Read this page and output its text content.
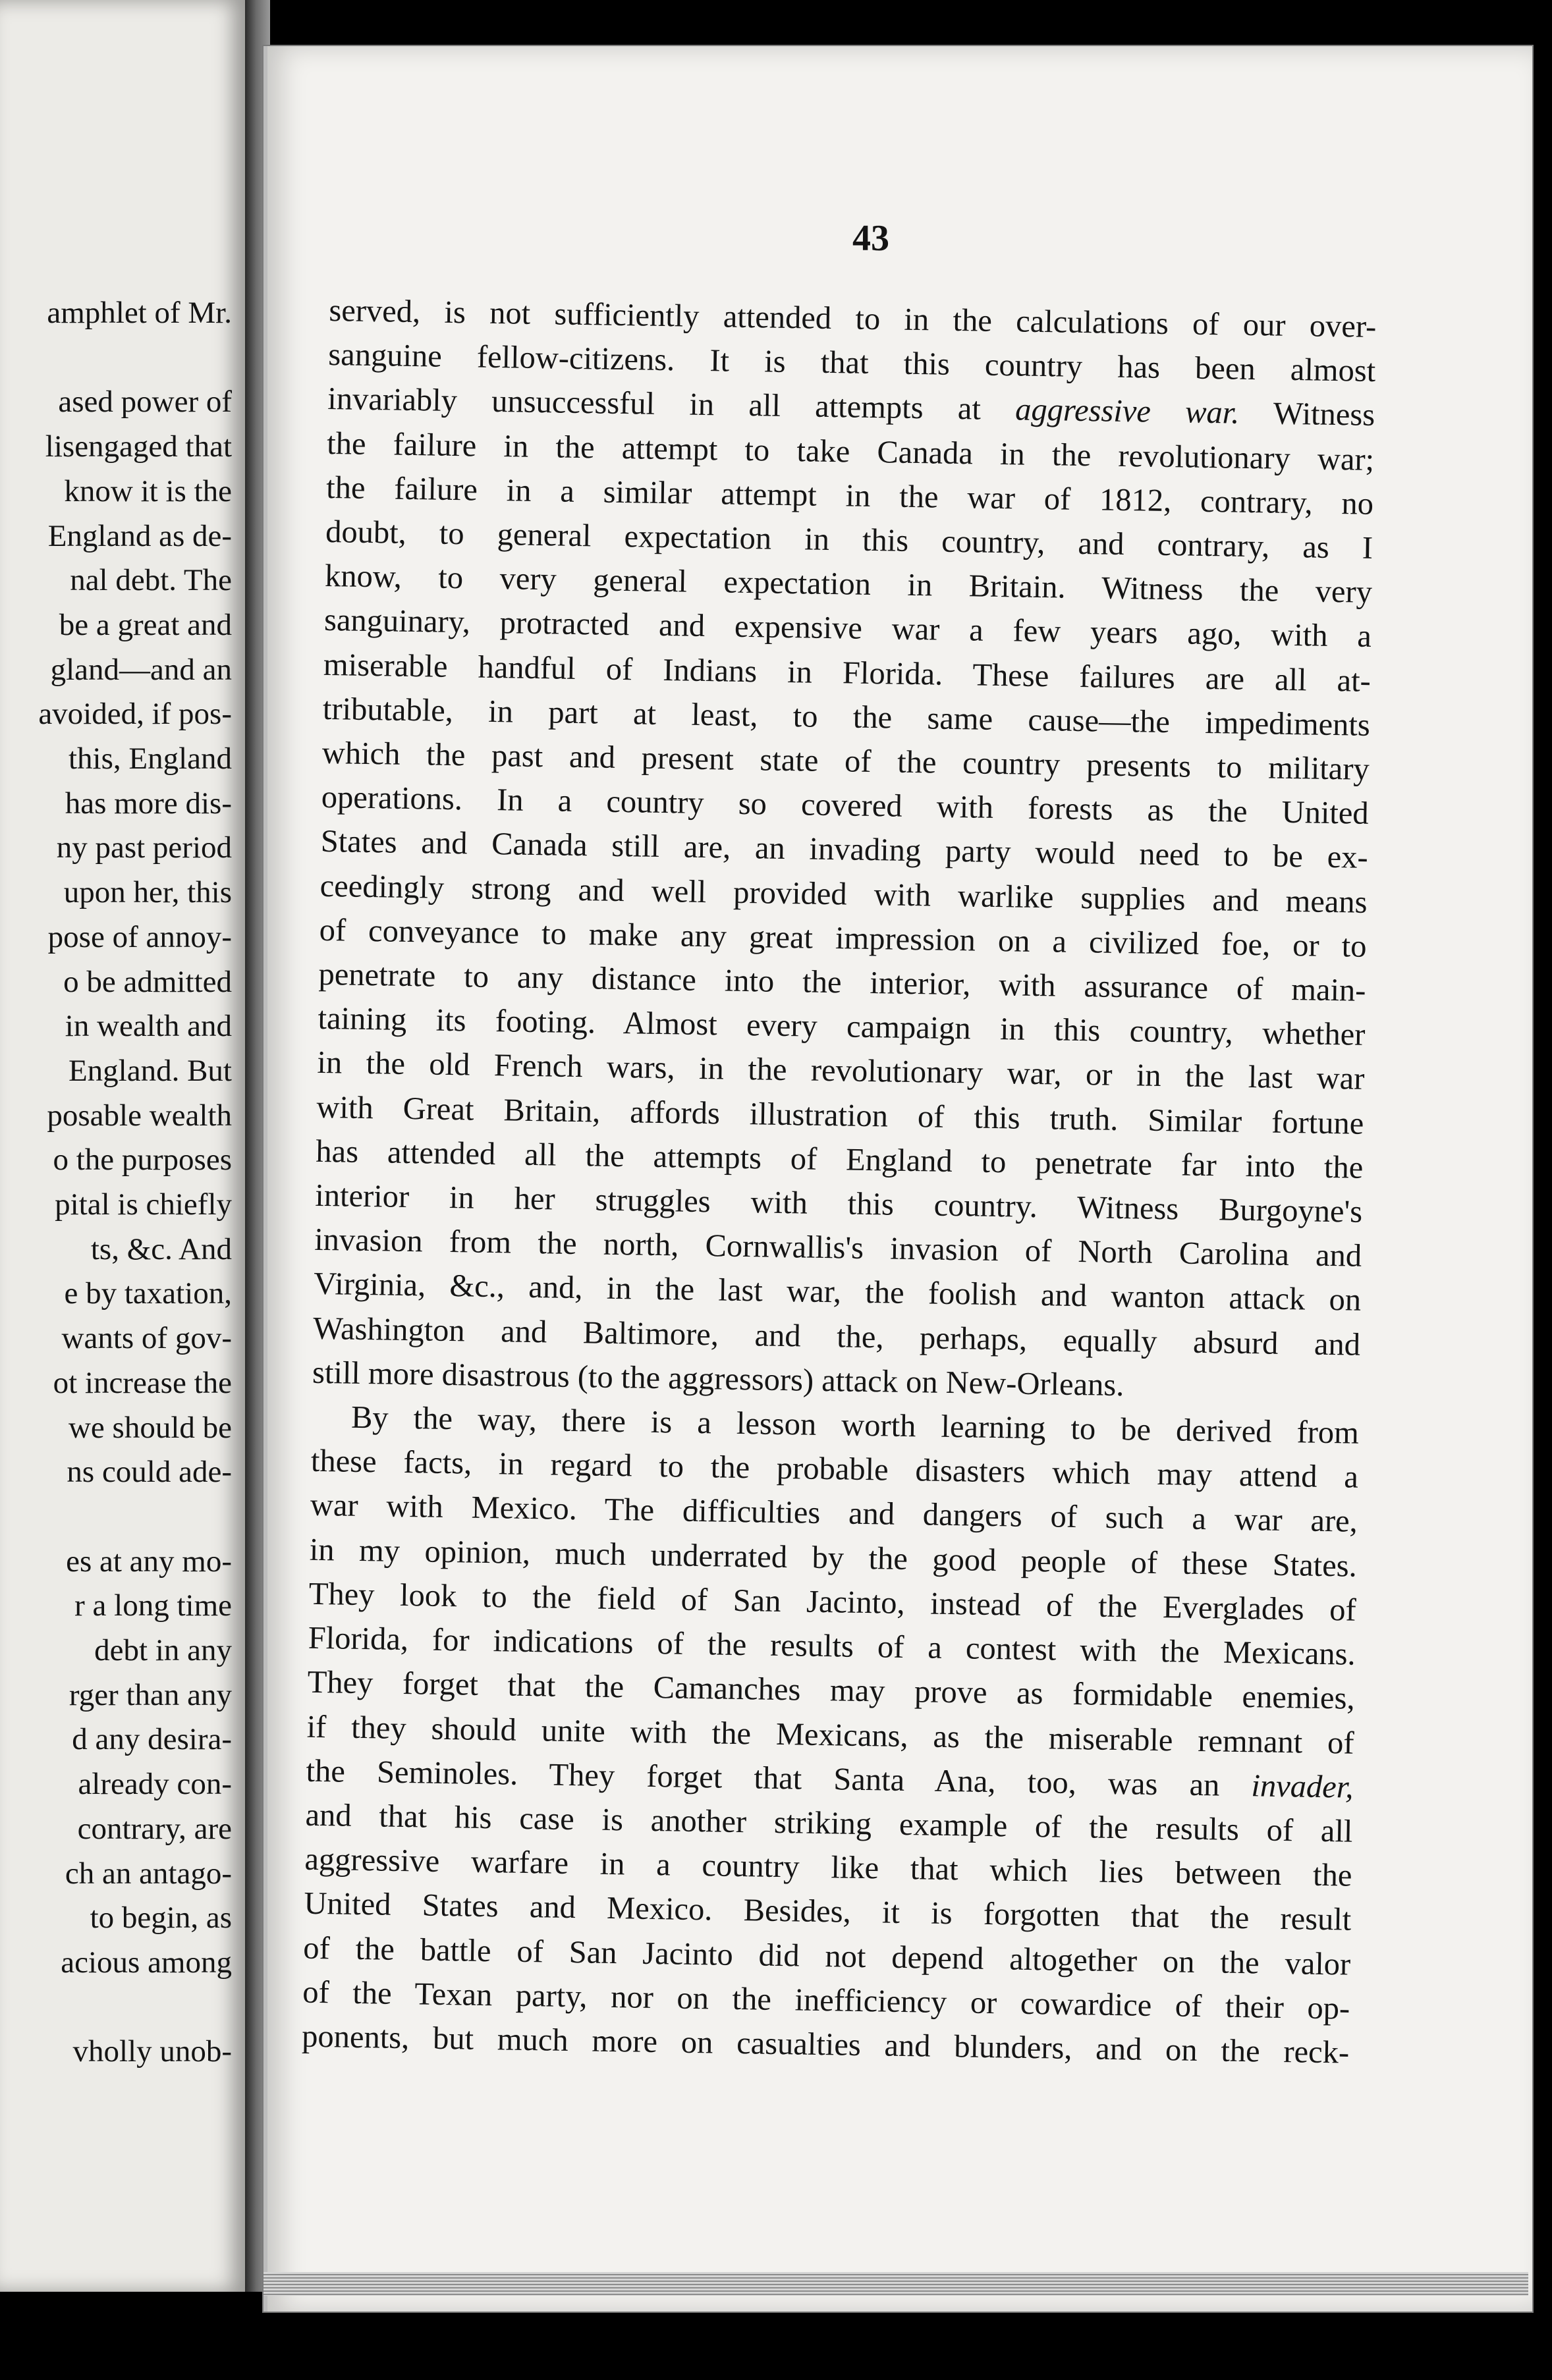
amphlet of Mr.
ased power of
lisengaged that
know it is the
England as de-
nal debt. The
be a great and
gland—and an
avoided, if pos-
this, England
has more dis-
ny past period
upon her, this
pose of annoy-
o be admitted
in wealth and
England. But
posable wealth
o the purposes
pital is chiefly
ts, &c. And
e by taxation,
wants of gov-
ot increase the
we should be
ns could ade-
es at any mo-
r a long time
debt in any
rger than any
d any desira-
already con-
contrary, are
ch an antago-
to begin, as
acious among
vholly unob-
43
served, is not sufficiently attended to in the calculations of our over-
sanguine fellow-citizens. It is that this country has been almost
invariably unsuccessful in all attempts at aggressive war. Witness
the failure in the attempt to take Canada in the revolutionary war;
the failure in a similar attempt in the war of 1812, contrary, no
doubt, to general expectation in this country, and contrary, as I
know, to very general expectation in Britain. Witness the very
sanguinary, protracted and expensive war a few years ago, with a
miserable handful of Indians in Florida. These failures are all at-
tributable, in part at least, to the same cause—the impediments
which the past and present state of the country presents to military
operations. In a country so covered with forests as the United
States and Canada still are, an invading party would need to be ex-
ceedingly strong and well provided with warlike supplies and means
of conveyance to make any great impression on a civilized foe, or to
penetrate to any distance into the interior, with assurance of main-
taining its footing. Almost every campaign in this country, whether
in the old French wars, in the revolutionary war, or in the last war
with Great Britain, affords illustration of this truth. Similar fortune
has attended all the attempts of England to penetrate far into the
interior in her struggles with this country. Witness Burgoyne's
invasion from the north, Cornwallis's invasion of North Carolina and
Virginia, &c., and, in the last war, the foolish and wanton attack on
Washington and Baltimore, and the, perhaps, equally absurd and
still more disastrous (to the aggressors) attack on New-Orleans.
By the way, there is a lesson worth learning to be derived from
these facts, in regard to the probable disasters which may attend a
war with Mexico. The difficulties and dangers of such a war are,
in my opinion, much underrated by the good people of these States.
They look to the field of San Jacinto, instead of the Everglades of
Florida, for indications of the results of a contest with the Mexicans.
They forget that the Camanches may prove as formidable enemies,
if they should unite with the Mexicans, as the miserable remnant of
the Seminoles. They forget that Santa Ana, too, was an invader,
and that his case is another striking example of the results of all
aggressive warfare in a country like that which lies between the
United States and Mexico. Besides, it is forgotten that the result
of the battle of San Jacinto did not depend altogether on the valor
of the Texan party, nor on the inefficiency or cowardice of their op-
ponents, but much more on casualties and blunders, and on the reck-
